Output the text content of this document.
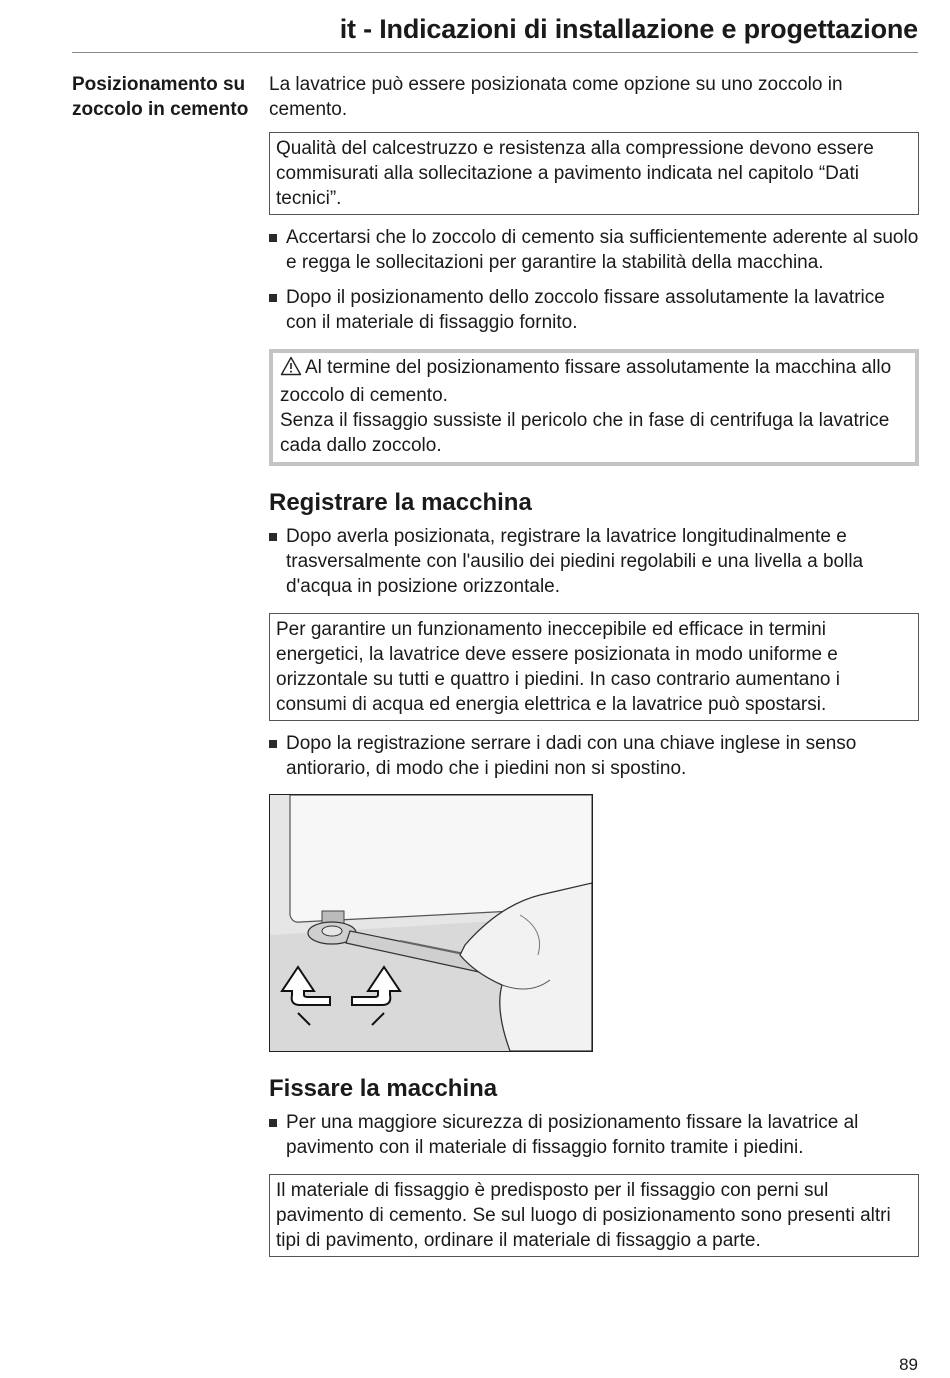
it - Indicazioni di installazione e progettazione
Posizionamento su zoccolo in cemento

La lavatrice può essere posizionata come opzione su uno zoccolo in cemento.

Qualità del calcestruzzo e resistenza alla compressione devono essere commisurati alla sollecitazione a pavimento indicata nel capitolo “Dati tecnici”.

Accertarsi che lo zoccolo di cemento sia sufficientemente aderente al suolo e regga le sollecitazioni per garantire la stabilità della macchina.
Dopo il posizionamento dello zoccolo fissare assolutamente la lavatrice con il materiale di fissaggio fornito.

Al termine del posizionamento fissare assolutamente la macchina allo zoccolo di cemento.

Senza il fissaggio sussiste il pericolo che in fase di centrifuga la lavatrice cada dallo zoccolo.

Registrare la macchina
Dopo averla posizionata, registrare la lavatrice longitudinalmente e trasversalmente con l'ausilio dei piedini regolabili e una livella a bolla d'acqua in posizione orizzontale.

Per garantire un funzionamento ineccepibile ed efficace in termini energetici, la lavatrice deve essere posizionata in modo uniforme e orizzontale su tutti e quattro i piedini. In caso contrario aumentano i consumi di acqua ed energia elettrica e la lavatrice può spostarsi.

Dopo la registrazione serrare i dadi con una chiave inglese in senso antiorario, di modo che i piedini non si spostino.
Fissare la macchina
Per una maggiore sicurezza di posizionamento fissare la lavatrice al pavimento con il materiale di fissaggio fornito tramite i piedini.

Il materiale di fissaggio è predisposto per il fissaggio con perni sul pavimento di cemento. Se sul luogo di posizionamento sono presenti altri tipi di pavimento, ordinare il materiale di fissaggio a parte.

89
